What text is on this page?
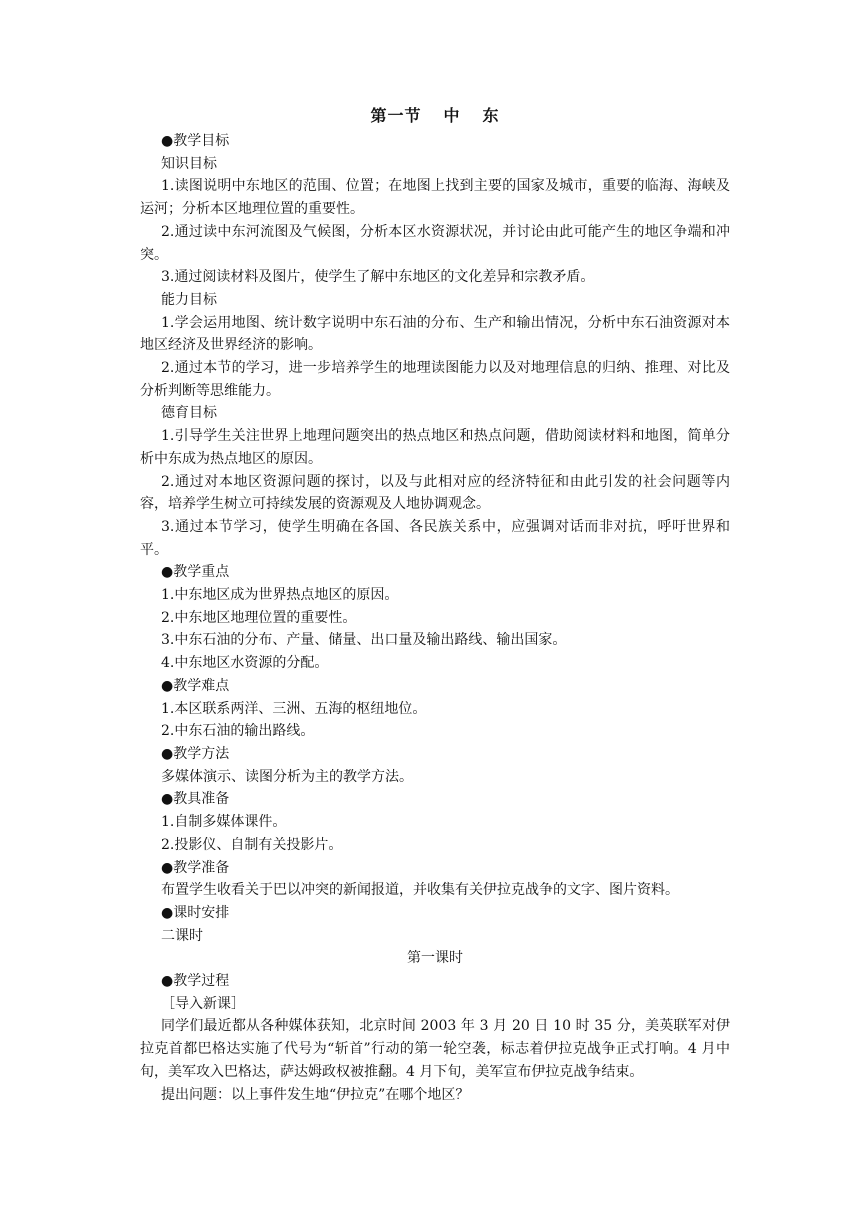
第一节 中 东

●教学目标

知识目标

1.读图说明中东地区的范围、位置；在地图上找到主要的国家及城市，重要的临海、海峡及运河；分析本区地理位置的重要性。

2.通过读中东河流图及气候图，分析本区水资源状况，并讨论由此可能产生的地区争端和冲突。

3.通过阅读材料及图片，使学生了解中东地区的文化差异和宗教矛盾。

能力目标

1.学会运用地图、统计数字说明中东石油的分布、生产和输出情况，分析中东石油资源对本地区经济及世界经济的影响。

2.通过本节的学习，进一步培养学生的地理读图能力以及对地理信息的归纳、推理、对比及分析判断等思维能力。

德育目标

1.引导学生关注世界上地理问题突出的热点地区和热点问题，借助阅读材料和地图，简单分析中东成为热点地区的原因。

2.通过对本地区资源问题的探讨，以及与此相对应的经济特征和由此引发的社会问题等内容，培养学生树立可持续发展的资源观及人地协调观念。

3.通过本节学习，使学生明确在各国、各民族关系中，应强调对话而非对抗，呼吁世界和平。

●教学重点

1.中东地区成为世界热点地区的原因。

2.中东地区地理位置的重要性。

3.中东石油的分布、产量、储量、出口量及输出路线、输出国家。

4.中东地区水资源的分配。

●教学难点

1.本区联系两洋、三洲、五海的枢纽地位。

2.中东石油的输出路线。

●教学方法

多媒体演示、读图分析为主的教学方法。

●教具准备

1.自制多媒体课件。

2.投影仪、自制有关投影片。

●教学准备

布置学生收看关于巴以冲突的新闻报道，并收集有关伊拉克战争的文字、图片资料。

●课时安排

二课时

第一课时

●教学过程

［导入新课］

同学们最近都从各种媒体获知，北京时间 2003 年 3 月 20 日 10 时 35 分，美英联军对伊拉克首都巴格达实施了代号为“斩首”行动的第一轮空袭，标志着伊拉克战争正式打响。4 月中旬，美军攻入巴格达，萨达姆政权被推翻。4 月下旬，美军宣布伊拉克战争结束。

提出问题：以上事件发生地“伊拉克”在哪个地区？
